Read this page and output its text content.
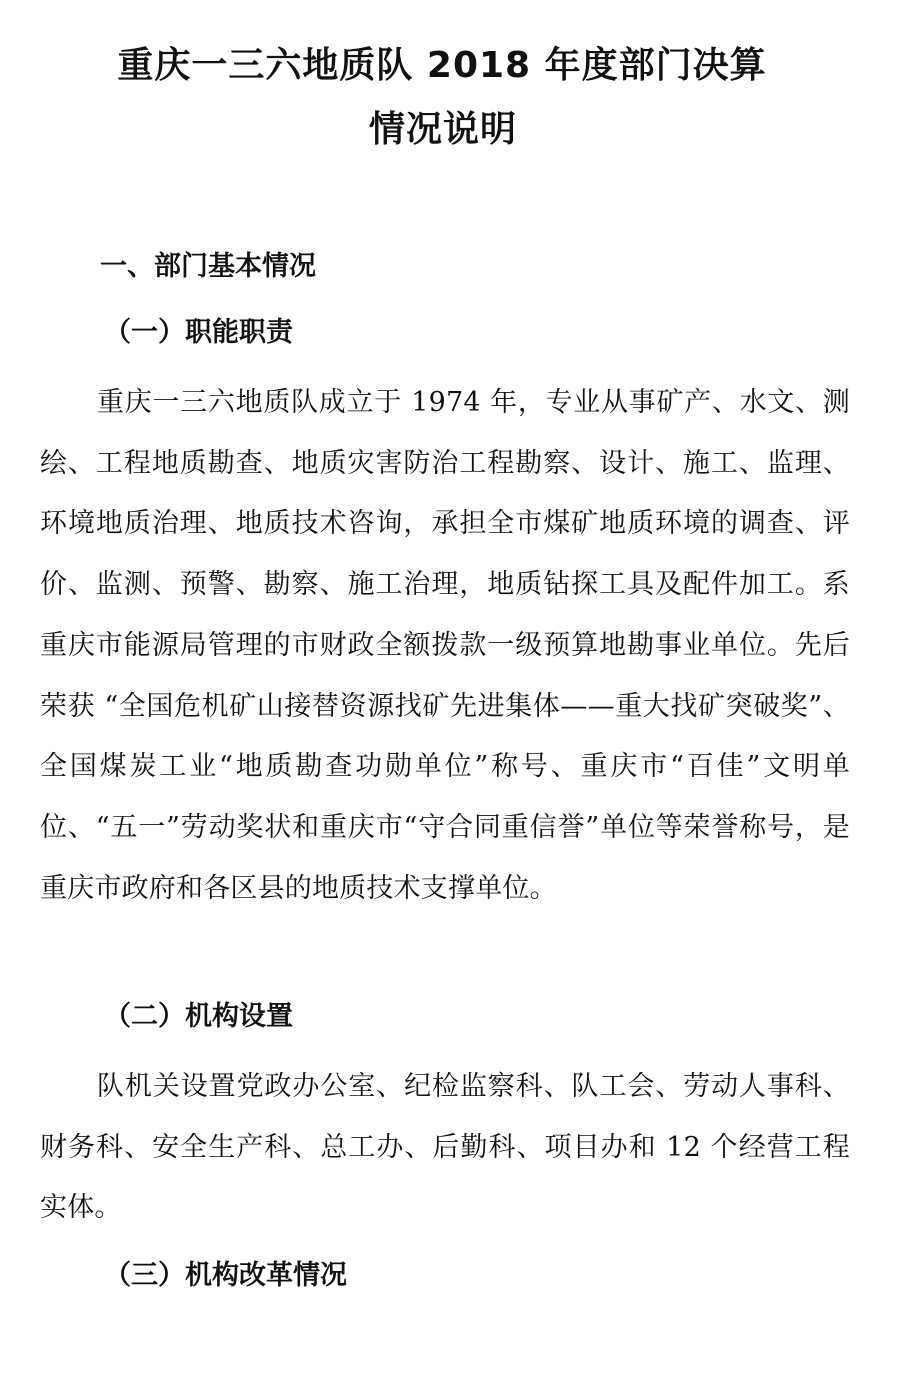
重庆一三六地质队 2018 年度部门决算
情况说明
一、部门基本情况
（一）职能职责

重庆一三六地质队成立于 1974 年，专业从事矿产、水文、测绘、工程地质勘查、地质灾害防治工程勘察、设计、施工、监理、环境地质治理、地质技术咨询，承担全市煤矿地质环境的调查、评价、监测、预警、勘察、施工治理，地质钻探工具及配件加工。系重庆市能源局管理的市财政全额拨款一级预算地勘事业单位。先后荣获 “全国危机矿山接替资源找矿先进集体——重大找矿突破奖”、全国煤炭工业“地质勘查功勋单位”称号、重庆市“百佳”文明单位、“五一”劳动奖状和重庆市“守合同重信誉”单位等荣誉称号，是重庆市政府和各区县的地质技术支撑单位。

（二）机构设置

队机关设置党政办公室、纪检监察科、队工会、劳动人事科、财务科、安全生产科、总工办、后勤科、项目办和 12 个经营工程实体。

（三）机构改革情况
